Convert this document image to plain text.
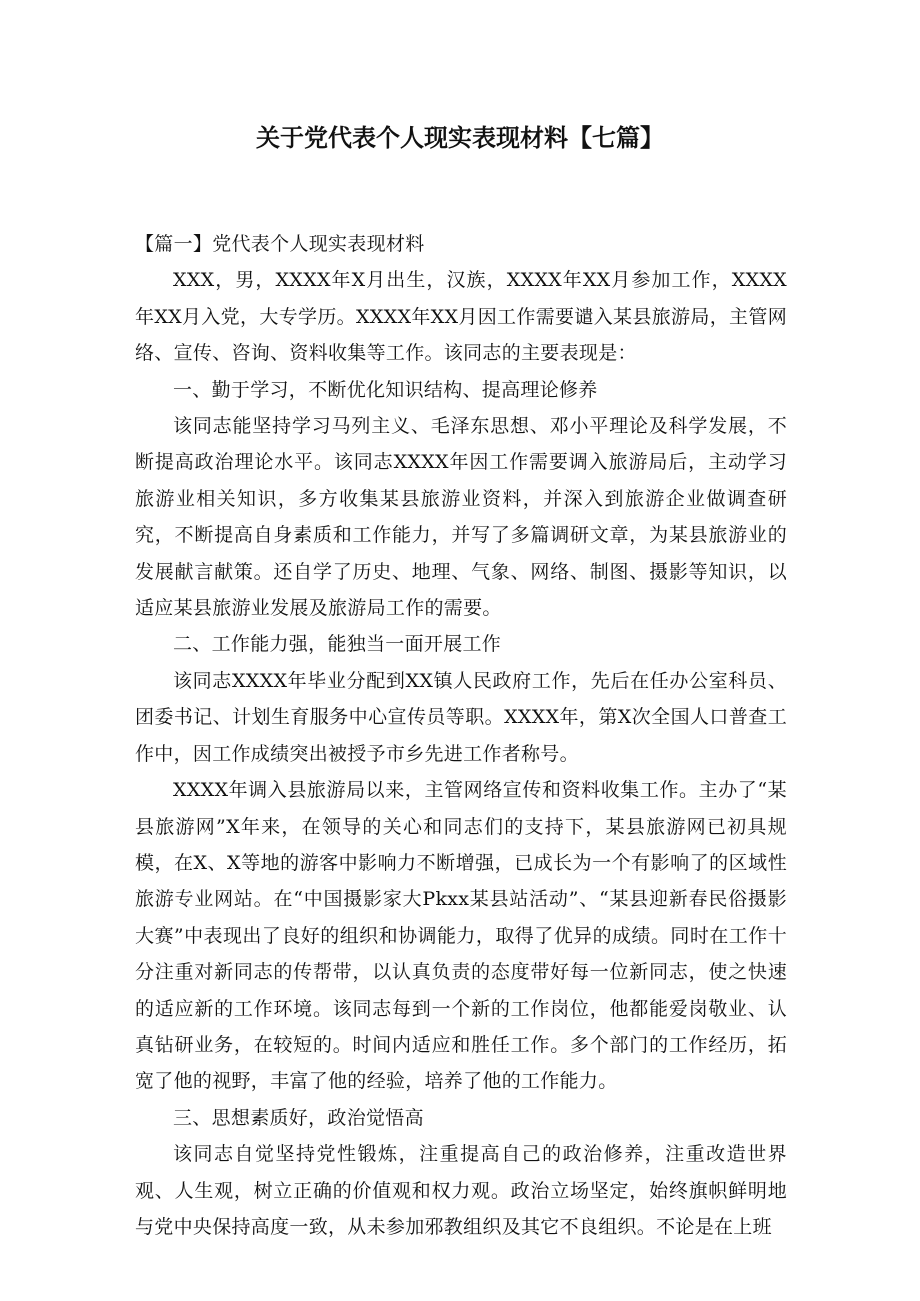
关于党代表个人现实表现材料【七篇】

【篇一】党代表个人现实表现材料

XXX，男，XXXX年X月出生，汉族，XXXX年XX月参加工作，XXXX年XX月入党，大专学历。XXXX年XX月因工作需要谴入某县旅游局，主管网络、宣传、咨询、资料收集等工作。该同志的主要表现是：

一、勤于学习，不断优化知识结构、提高理论修养

该同志能坚持学习马列主义、毛泽东思想、邓小平理论及科学发展，不断提高政治理论水平。该同志XXXX年因工作需要调入旅游局后，主动学习旅游业相关知识，多方收集某县旅游业资料，并深入到旅游企业做调查研究，不断提高自身素质和工作能力，并写了多篇调研文章，为某县旅游业的发展献言献策。还自学了历史、地理、气象、网络、制图、摄影等知识，以适应某县旅游业发展及旅游局工作的需要。

二、工作能力强，能独当一面开展工作

该同志XXXX年毕业分配到XX镇人民政府工作，先后在任办公室科员、团委书记、计划生育服务中心宣传员等职。XXXX年，第X次全国人口普查工作中，因工作成绩突出被授予市乡先进工作者称号。

XXXX年调入县旅游局以来，主管网络宣传和资料收集工作。主办了“某县旅游网”X年来，在领导的关心和同志们的支持下，某县旅游网已初具规模，在X、X等地的游客中影响力不断增强，已成长为一个有影响了的区域性旅游专业网站。在“中国摄影家大Pkxx某县站活动”、“某县迎新春民俗摄影大赛”中表现出了良好的组织和协调能力，取得了优异的成绩。同时在工作十分注重对新同志的传帮带，以认真负责的态度带好每一位新同志，使之快速的适应新的工作环境。该同志每到一个新的工作岗位，他都能爱岗敬业、认真钻研业务，在较短的。时间内适应和胜任工作。多个部门的工作经历，拓宽了他的视野，丰富了他的经验，培养了他的工作能力。

三、思想素质好，政治觉悟高

该同志自觉坚持党性锻炼，注重提高自己的政治修养，注重改造世界观、人生观，树立正确的价值观和权力观。政治立场坚定，始终旗帜鲜明地与党中央保持高度一致，从未参加邪教组织及其它不良组织。不论是在上班
